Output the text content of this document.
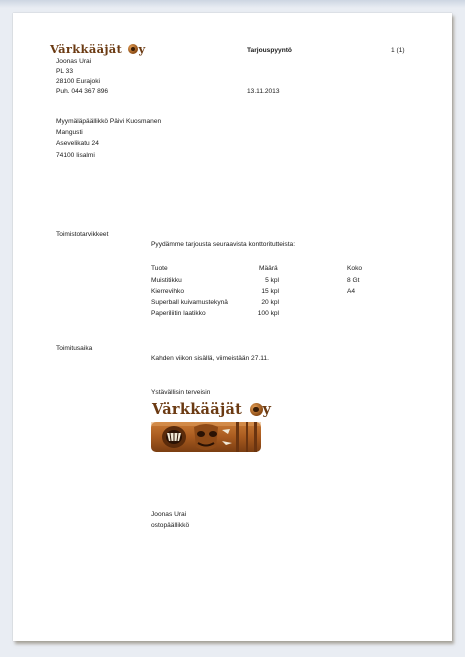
Värkkääjät y	Tarjouspyyntö	1 (1)
Joonas Urai
PL 33
28100 Eurajoki
Puh. 044 367 896	13.11.2013
Myymäläpäällikkö Päivi Kuosmanen
Mangusti
Asevelikatu 24
74100 Iisalmi
Toimistotarvikkeet
Pyydämme tarjousta seuraavista konttoritutteista:
Tuote	Määrä	Koko
Muistitikku	5 kpl	8 Gt
Kierrevihko	15 kpl	A4
Superball kuivamustekynä	20 kpl
Paperiliitin laatikko	100 kpl
Toimitusaika
Kahden viikon sisällä, viimeistään 27.11.
Ystävällisin terveisin
Värkkääjät y
Joonas Urai
ostopäällikkö
